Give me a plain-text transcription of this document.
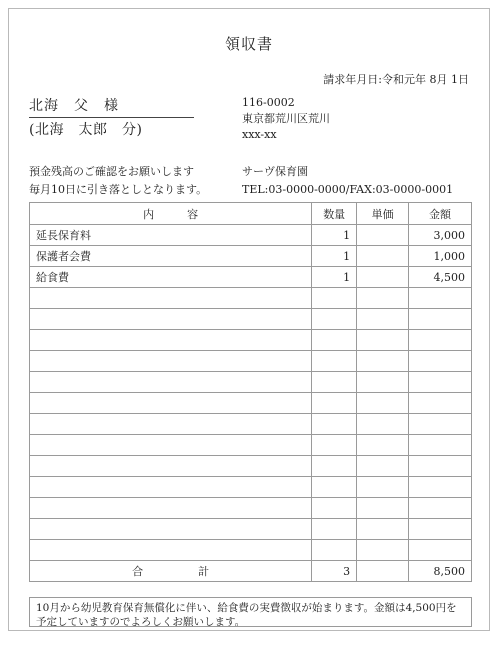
領収書
請求年月日:令和元年 8月 1日
北海　父　様
(北海　太郎　分)
116-0002
東京都荒川区荒川
xxx-xx
預金残高のご確認をお願いします
毎月10日に引き落としとなります。
サーヴ保育園
TEL:03-0000-0000/FAX:03-0000-0001
内　　　容	数量	単価	金額
延長保育料	1		3,000
保護者会費	1		1,000
給食費	1		4,500

合　　　　　計	3		8,500
10月から幼児教育保育無償化に伴い、給食費の実費徴収が始まります。金額は4,500円を予定していますのでよろしくお願いします。
